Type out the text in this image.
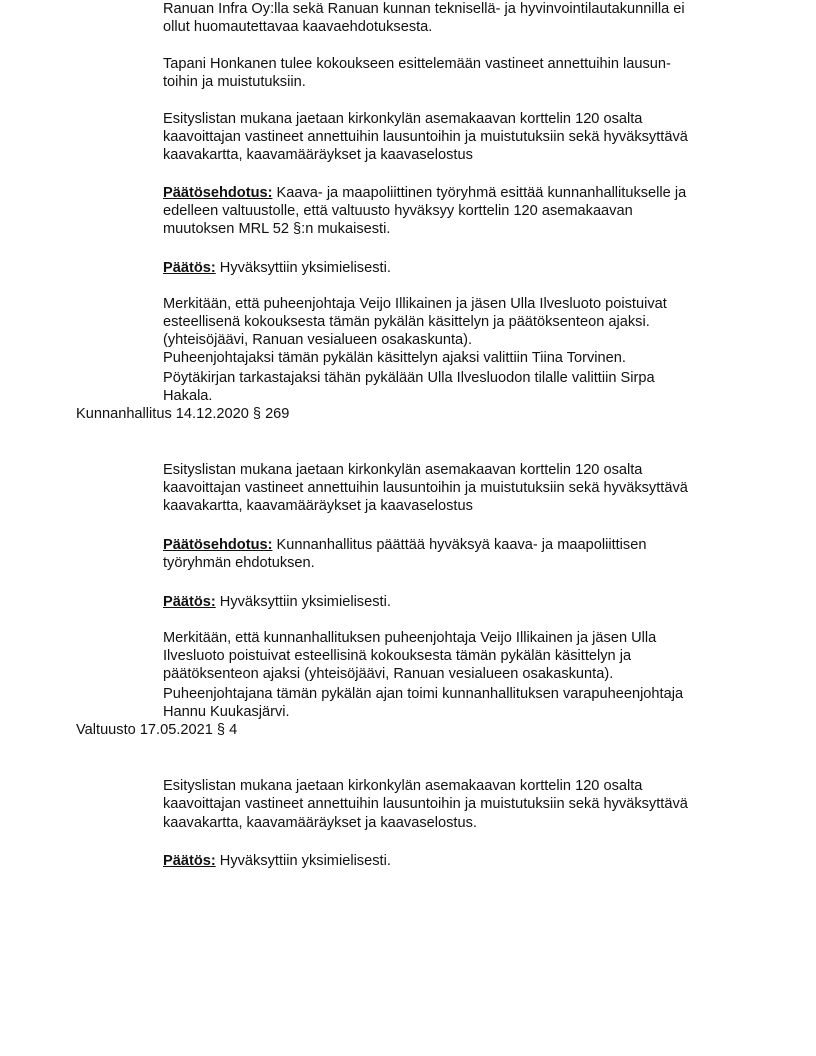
Ranuan Infra Oy:lla sekä Ranuan kunnan teknisellä- ja hyvinvointilautakunnilla ei
ollut huomautettavaa kaavaehdotuksesta.
Tapani Honkanen tulee kokoukseen esittelemään vastineet annettuihin lausun-
toihin ja muistutuksiin.
Esityslistan mukana jaetaan kirkonkylän asemakaavan korttelin 120 osalta
kaavoittajan vastineet annettuihin lausuntoihin ja muistutuksiin sekä hyväksyttävä
kaavakartta, kaavamääräykset ja kaavaselostus
Päätösehdotus: Kaava- ja maapoliittinen työryhmä esittää kunnanhallitukselle ja
edelleen valtuustolle, että valtuusto hyväksyy korttelin 120 asemakaavan
muutoksen MRL 52 §:n mukaisesti.
Päätös: Hyväksyttiin yksimielisesti.
Merkitään, että puheenjohtaja Veijo Illikainen ja jäsen Ulla Ilvesluoto poistuivat
esteellisenä kokouksesta tämän pykälän käsittelyn ja päätöksenteon ajaksi.
(yhteisöjäävi, Ranuan vesialueen osakaskunta).
Puheenjohtajaksi tämän pykälän käsittelyn ajaksi valittiin Tiina Torvinen.
Pöytäkirjan tarkastajaksi tähän pykälään Ulla Ilvesluodon tilalle valittiin Sirpa
Hakala.
Kunnanhallitus 14.12.2020 § 269
Esityslistan mukana jaetaan kirkonkylän asemakaavan korttelin 120 osalta
kaavoittajan vastineet annettuihin lausuntoihin ja muistutuksiin sekä hyväksyttävä
kaavakartta, kaavamääräykset ja kaavaselostus
Päätösehdotus: Kunnanhallitus päättää hyväksyä kaava- ja maapoliittisen
työryhmän ehdotuksen.
Päätös: Hyväksyttiin yksimielisesti.
Merkitään, että kunnanhallituksen puheenjohtaja Veijo Illikainen ja jäsen Ulla
Ilvesluoto poistuivat esteellisinä kokouksesta tämän pykälän käsittelyn ja
päätöksenteon ajaksi (yhteisöjäävi, Ranuan vesialueen osakaskunta).
Puheenjohtajana tämän pykälän ajan toimi kunnanhallituksen varapuheenjohtaja
Hannu Kuukasjärvi.
Valtuusto 17.05.2021 § 4
Esityslistan mukana jaetaan kirkonkylän asemakaavan korttelin 120 osalta
kaavoittajan vastineet annettuihin lausuntoihin ja muistutuksiin sekä hyväksyttävä
kaavakartta, kaavamääräykset ja kaavaselostus.
Päätös: Hyväksyttiin yksimielisesti.
